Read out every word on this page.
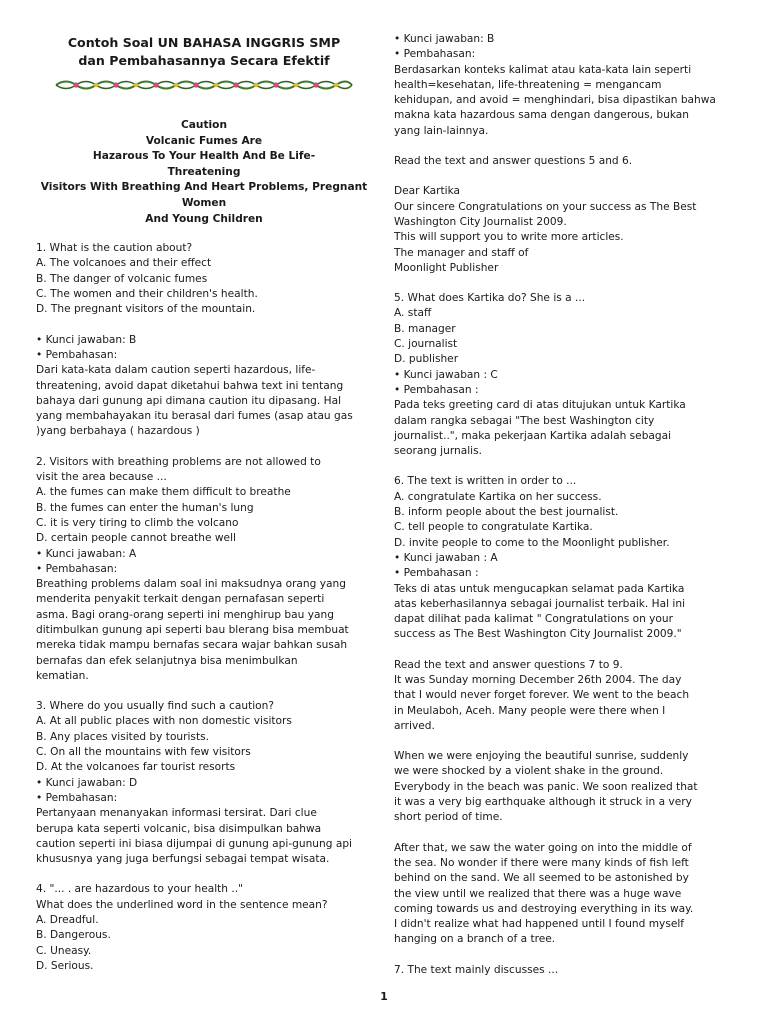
Contoh Soal UN BAHASA INGGRIS SMP
dan Pembahasannya Secara Efektif
Caution
Volcanic Fumes Are
Hazarous To Your Health And Be Life-
Threatening
Visitors With Breathing And Heart Problems, Pregnant
Women
And Young Children
1. What is the caution about?
A. The volcanoes and their effect
B. The danger of volcanic fumes
C. The women and their children's health.
D. The pregnant visitors of the mountain.
• Kunci jawaban: B
• Pembahasan:
Dari kata-kata dalam caution seperti hazardous, life-
threatening, avoid dapat diketahui bahwa text ini tentang
bahaya dari gunung api dimana caution itu dipasang. Hal
yang membahayakan itu berasal dari fumes (asap atau gas
)yang berbahaya ( hazardous )
2. Visitors with breathing problems are not allowed to
visit the area because ...
A. the fumes can make them difficult to breathe
B. the fumes can enter the human's lung
C. it is very tiring to climb the volcano
D. certain people cannot breathe well
• Kunci jawaban: A
• Pembahasan:
Breathing problems dalam soal ini maksudnya orang yang
menderita penyakit terkait dengan pernafasan seperti
asma. Bagi orang-orang seperti ini menghirup bau yang
ditimbulkan gunung api seperti bau blerang bisa membuat
mereka tidak mampu bernafas secara wajar bahkan susah
bernafas dan efek selanjutnya bisa menimbulkan
kematian.
3. Where do you usually find such a caution?
A. At all public places with non domestic visitors
B. Any places visited by tourists.
C. On all the mountains with few visitors
D. At the volcanoes far tourist resorts
• Kunci jawaban: D
• Pembahasan:
Pertanyaan menanyakan informasi tersirat. Dari clue
berupa kata seperti volcanic, bisa disimpulkan bahwa
caution seperti ini biasa dijumpai di gunung api-gunung api
khususnya yang juga berfungsi sebagai tempat wisata.
4. "... . are hazardous to your health .."
What does the underlined word in the sentence mean?
A. Dreadful.
B. Dangerous.
C. Uneasy.
D. Serious.
• Kunci jawaban: B
• Pembahasan:
Berdasarkan konteks kalimat atau kata-kata lain seperti
health=kesehatan, life-threatening = mengancam
kehidupan, and avoid = menghindari, bisa dipastikan bahwa
makna kata hazardous sama dengan dangerous, bukan
yang lain-lainnya.
Read the text and answer questions 5 and 6.
Dear Kartika
Our sincere Congratulations on your success as The Best
Washington City Journalist 2009.
This will support you to write more articles.
The manager and staff of
Moonlight Publisher
5. What does Kartika do? She is a ...
A. staff
B. manager
C. journalist
D. publisher
• Kunci jawaban : C
• Pembahasan :
Pada teks greeting card di atas ditujukan untuk Kartika
dalam rangka sebagai "The best Washington city
journalist..", maka pekerjaan Kartika adalah sebagai
seorang jurnalis.
6. The text is written in order to ...
A. congratulate Kartika on her success.
B. inform people about the best journalist.
C. tell people to congratulate Kartika.
D. invite people to come to the Moonlight publisher.
• Kunci jawaban : A
• Pembahasan :
Teks di atas untuk mengucapkan selamat pada Kartika
atas keberhasilannya sebagai journalist terbaik. Hal ini
dapat dilihat pada kalimat " Congratulations on your
success as The Best Washington City Journalist 2009."
Read the text and answer questions 7 to 9.
It was Sunday morning December 26th 2004. The day
that I would never forget forever. We went to the beach
in Meulaboh, Aceh. Many people were there when I
arrived.
When we were enjoying the beautiful sunrise, suddenly
we were shocked by a violent shake in the ground.
Everybody in the beach was panic. We soon realized that
it was a very big earthquake although it struck in a very
short period of time.
After that, we saw the water going on into the middle of
the sea. No wonder if there were many kinds of fish left
behind on the sand. We all seemed to be astonished by
the view until we realized that there was a huge wave
coming towards us and destroying everything in its way.
I didn't realize what had happened until I found myself
hanging on a branch of a tree.
7. The text mainly discusses ...
1
